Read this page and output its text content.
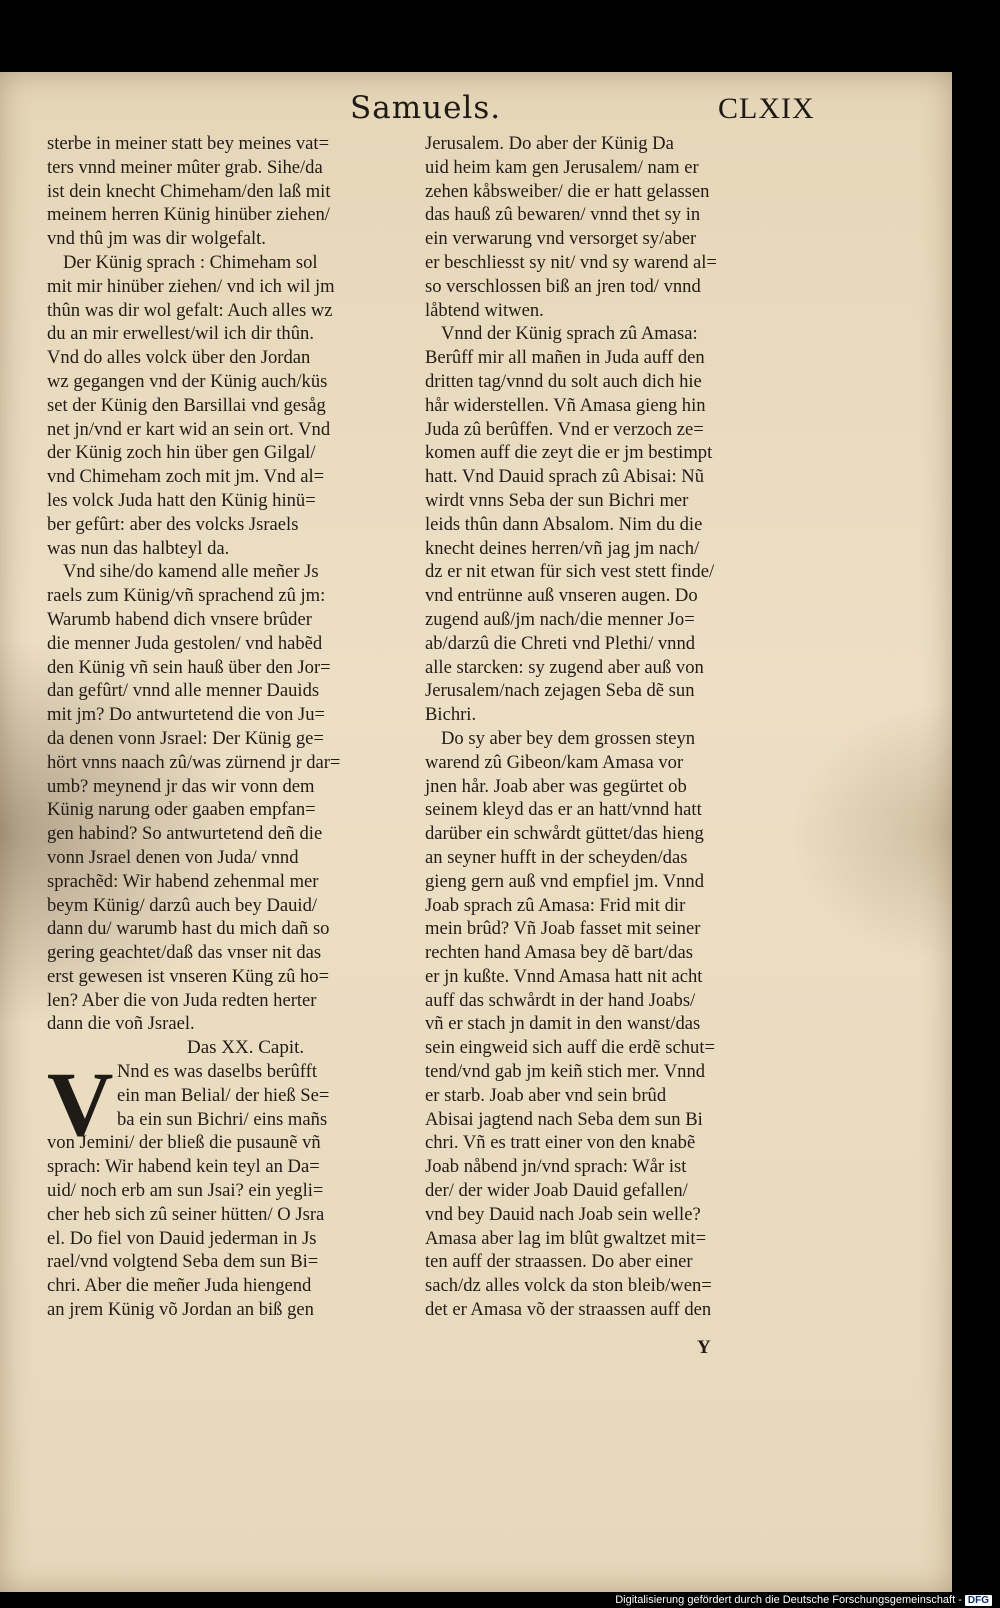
Samuels.	CLXIX

sterbe in meiner statt bey meines vat=

ters vnnd meiner mûter grab. Sihe/da

ist dein knecht Chimeham/den laß mit

meinem herren Künig hinüber ziehen/

vnd thû jm was dir wolgefalt.

Der Künig sprach : Chimeham sol

mit mir hinüber ziehen/ vnd ich wil jm

thûn was dir wol gefalt: Auch alles wz

du an mir erwellest/wil ich dir thûn.

Vnd do alles volck über den Jordan

wz gegangen vnd der Künig auch/küs

set der Künig den Barsillai vnd gesåg

net jn/vnd er kart wid an sein ort. Vnd

der Künig zoch hin über gen Gilgal/

vnd Chimeham zoch mit jm. Vnd al=

les volck Juda hatt den Künig hinü=

ber gefûrt: aber des volcks Jsraels

was nun das halbteyl da.

Vnd sihe/do kamend alle meñer Js

raels zum Künig/vñ sprachend zû jm:

Warumb habend dich vnsere brûder

die menner Juda gestolen/ vnd habẽd

den Künig vñ sein hauß über den Jor=

dan gefûrt/ vnnd alle menner Dauids

mit jm? Do antwurtetend die von Ju=

da denen vonn Jsrael: Der Künig ge=

hört vnns naach zû/was zürnend jr dar=

umb? meynend jr das wir vonn dem

Künig narung oder gaaben empfan=

gen habind? So antwurtetend deñ die

vonn Jsrael denen von Juda/ vnnd

sprachẽd: Wir habend zehenmal mer

beym Künig/ darzû auch bey Dauid/

dann du/ warumb hast du mich dañ so

gering geachtet/daß das vnser nit das

erst gewesen ist vnseren Küng zû ho=

len? Aber die von Juda redten herter

dann die voñ Jsrael.

Das XX. Capit.

V Nnd es was daselbs berûfft

ein man Belial/ der hieß Se=

ba ein sun Bichri/ eins mañs

von Jemini/ der bließ die pusaunẽ vñ

sprach: Wir habend kein teyl an Da=

uid/ noch erb am sun Jsai? ein yegli=

cher heb sich zû seiner hütten/ O Jsra

el. Do fiel von Dauid jederman in Js

rael/vnd volgtend Seba dem sun Bi=

chri. Aber die meñer Juda hiengend

an jrem Künig võ Jordan an biß gen

Jerusalem. Do aber der Künig Da

uid heim kam gen Jerusalem/ nam er

zehen kåbsweiber/ die er hatt gelassen

das hauß zû bewaren/ vnnd thet sy in

ein verwarung vnd versorget sy/aber

er beschliesst sy nit/ vnd sy warend al=

so verschlossen biß an jren tod/ vnnd

låbtend witwen.

Vnnd der Künig sprach zû Amasa:

Berûff mir all mañen in Juda auff den

dritten tag/vnnd du solt auch dich hie

hår widerstellen. Vñ Amasa gieng hin

Juda zû berûffen. Vnd er verzoch ze=

komen auff die zeyt die er jm bestimpt

hatt. Vnd Dauid sprach zû Abisai: Nũ

wirdt vnns Seba der sun Bichri mer

leids thûn dann Absalom. Nim du die

knecht deines herren/vñ jag jm nach/

dz er nit etwan für sich vest stett finde/

vnd entrünne auß vnseren augen. Do

zugend auß/jm nach/die menner Jo=

ab/darzû die Chreti vnd Plethi/ vnnd

alle starcken: sy zugend aber auß von

Jerusalem/nach zejagen Seba dẽ sun

Bichri.

Do sy aber bey dem grossen steyn

warend zû Gibeon/kam Amasa vor

jnen hår. Joab aber was gegürtet ob

seinem kleyd das er an hatt/vnnd hatt

darüber ein schwårdt güttet/das hieng

an seyner hufft in der scheyden/das

gieng gern auß vnd empfiel jm. Vnnd

Joab sprach zû Amasa: Frid mit dir

mein brûd? Vñ Joab fasset mit seiner

rechten hand Amasa bey dẽ bart/das

er jn kußte. Vnnd Amasa hatt nit acht

auff das schwårdt in der hand Joabs/

vñ er stach jn damit in den wanst/das

sein eingweid sich auff die erdẽ schut=

tend/vnd gab jm keiñ stich mer. Vnnd

er starb. Joab aber vnd sein brûd

Abisai jagtend nach Seba dem sun Bi

chri. Vñ es tratt einer von den knabẽ

Joab nåbend jn/vnd sprach: Wår ist

der/ der wider Joab Dauid gefallen/

vnd bey Dauid nach Joab sein welle?

Amasa aber lag im blût gwaltzet mit=

ten auff der straassen. Do aber einer

sach/dz alles volck da ston bleib/wen=

det er Amasa võ der straassen auff den

Y
Digitalisierung gefördert durch die Deutsche Forschungsgemeinschaft - DFG
